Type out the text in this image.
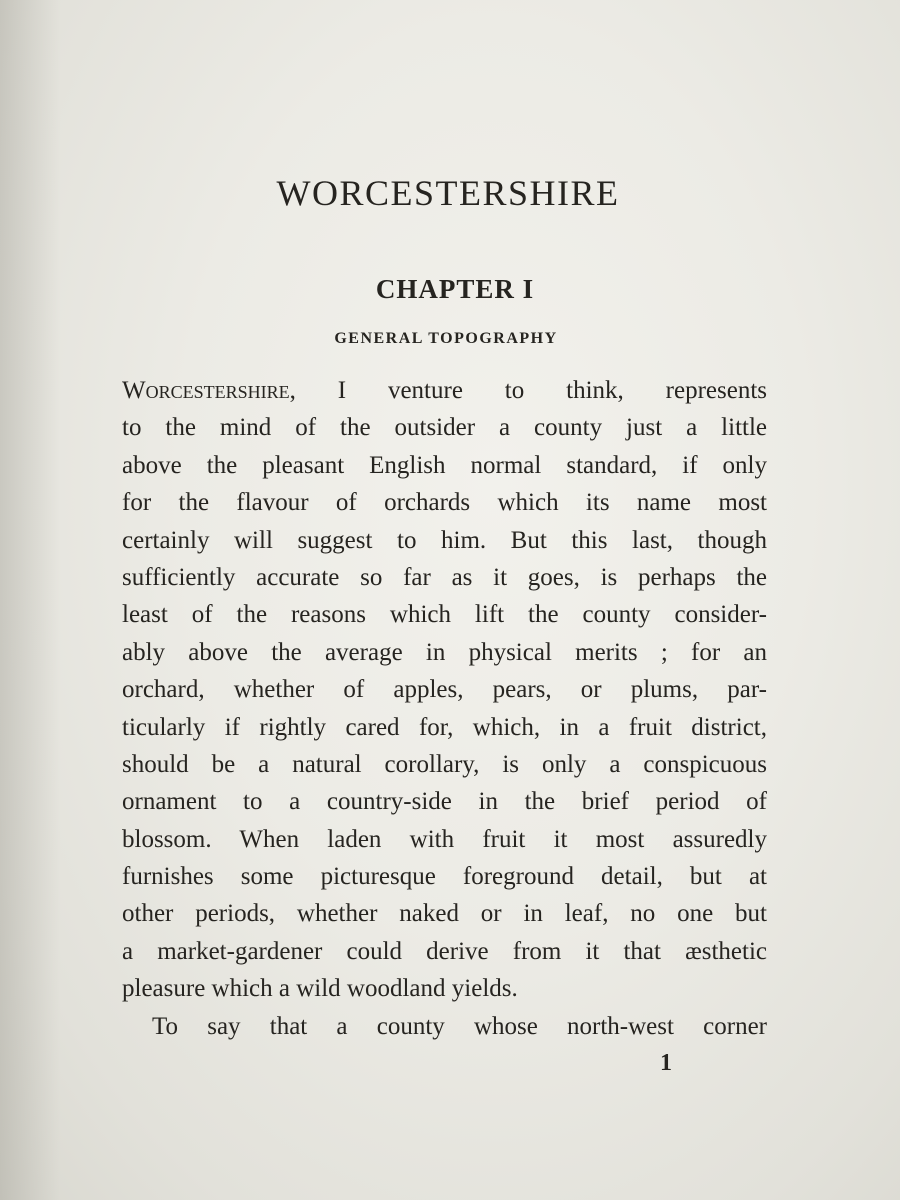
WORCESTERSHIRE
CHAPTER I
GENERAL TOPOGRAPHY
Worcestershire, I venture to think, represents
to the mind of the outsider a county just a little
above the pleasant English normal standard, if only
for the flavour of orchards which its name most
certainly will suggest to him. But this last, though
sufficiently accurate so far as it goes, is perhaps the
least of the reasons which lift the county consider-
ably above the average in physical merits ; for an
orchard, whether of apples, pears, or plums, par-
ticularly if rightly cared for, which, in a fruit district,
should be a natural corollary, is only a conspicuous
ornament to a country-side in the brief period of
blossom. When laden with fruit it most assuredly
furnishes some picturesque foreground detail, but at
other periods, whether naked or in leaf, no one but
a market-gardener could derive from it that æsthetic
pleasure which a wild woodland yields.
To say that a county whose north-west corner
1
